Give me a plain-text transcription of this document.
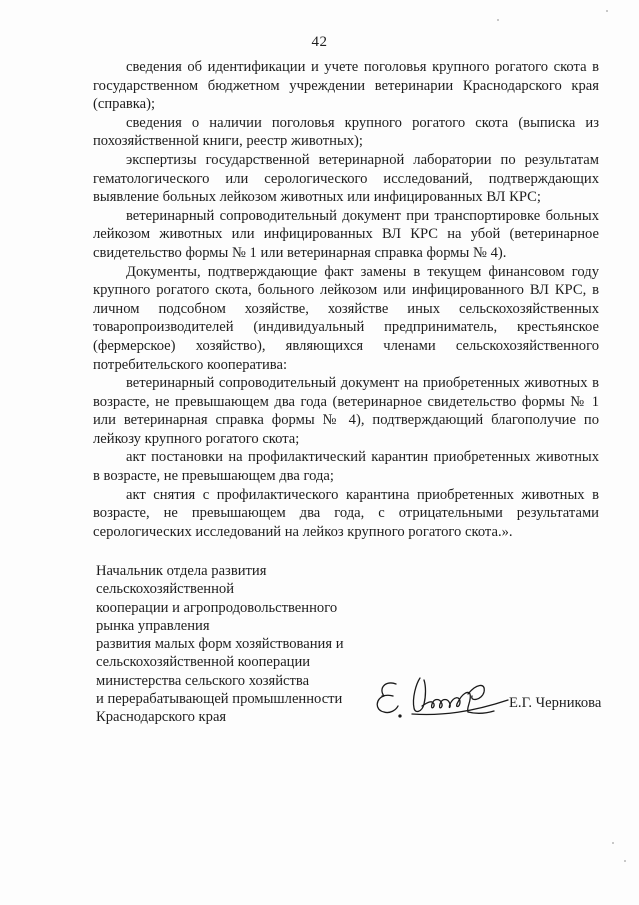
42

сведения об идентификации и учете поголовья крупного рогатого скота в государственном бюджетном учреждении ветеринарии Краснодарского края (справка);

сведения о наличии поголовья крупного рогатого скота (выписка из похозяйственной книги, реестр животных);

экспертизы государственной ветеринарной лаборатории по результатам гематологического или серологического исследований, подтверждающих выявление больных лейкозом животных или инфицированных ВЛ КРС;

ветеринарный сопроводительный документ при транспортировке больных лейкозом животных или инфицированных ВЛ КРС на убой (ветеринарное свидетельство формы № 1 или ветеринарная справка формы № 4).

Документы, подтверждающие факт замены в текущем финансовом году крупного рогатого скота, больного лейкозом или инфицированного ВЛ КРС, в личном подсобном хозяйстве, хозяйстве иных сельскохозяйственных товаропроизводителей (индивидуальный предприниматель, крестьянское (фермерское) хозяйство), являющихся членами сельскохозяйственного потребительского кооператива:

ветеринарный сопроводительный документ на приобретенных животных в возрасте, не превышающем два года (ветеринарное свидетельство формы № 1 или ветеринарная справка формы № 4), подтверждающий благополучие по лейкозу крупного рогатого скота;

акт постановки на профилактический карантин приобретенных животных в возрасте, не превышающем два года;

акт снятия с профилактического карантина приобретенных животных в возрасте, не превышающем два года, с отрицательными результатами серологических исследований на лейкоз крупного рогатого скота.».

Начальник отдела развития
сельскохозяйственной
кооперации и агропродовольственного
рынка управления
развития малых форм хозяйствования и
сельскохозяйственной кооперации
министерства сельского хозяйства
и перерабатывающей промышленности
Краснодарского края
Е.Г. Черникова
